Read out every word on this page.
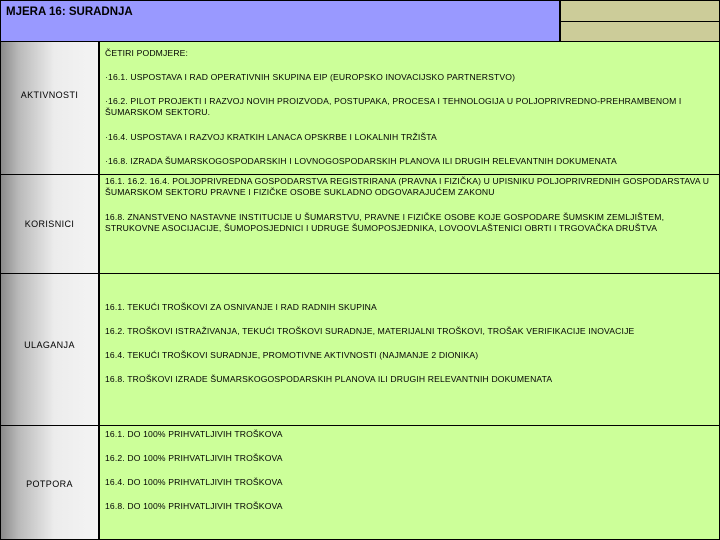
MJERA 16: SURADNJA
AKTIVNOSTI

ČETIRI PODMJERE:

·16.1. USPOSTAVA I RAD OPERATIVNIH SKUPINA EIP (EUROPSKO INOVACIJSKO PARTNERSTVO)

·16.2. PILOT PROJEKTI I RAZVOJ NOVIH PROIZVODA, POSTUPAKA, PROCESA I TEHNOLOGIJA U POLJOPRIVREDNO-PREHRAMBENOM I ŠUMARSKOM SEKTORU.

·16.4. USPOSTAVA I RAZVOJ KRATKIH LANACA OPSKRBE I LOKALNIH TRŽIŠTA

·16.8. IZRADA ŠUMARSKOGOSPODARSKIH I LOVNOGOSPODARSKIH PLANOVA ILI DRUGIH RELEVANTNIH DOKUMENATA

KORISNICI

16.1. 16.2. 16.4. POLJOPRIVREDNA GOSPODARSTVA REGISTRIRANA (PRAVNA I FIZIČKA) U UPISNIKU POLJOPRIVREDNIH GOSPODARSTAVA U ŠUMARSKOM SEKTORU PRAVNE I FIZIČKE OSOBE SUKLADNO ODGOVARAJUĆEM ZAKONU

16.8. ZNANSTVENO NASTAVNE INSTITUCIJE U ŠUMARSTVU, PRAVNE I FIZIČKE OSOBE KOJE GOSPODARE ŠUMSKIM ZEMLJIŠTEM, STRUKOVNE ASOCIJACIJE, ŠUMOPOSJEDNICI I UDRUGE ŠUMOPOSJEDNIKA, LOVOOVLAŠTENICI OBRTI I TRGOVAČKA DRUŠTVA

ULAGANJA

16.1. TEKUĆI TROŠKOVI ZA OSNIVANJE I RAD RADNIH SKUPINA

16.2. TROŠKOVI ISTRAŽIVANJA, TEKUĆI TROŠKOVI SURADNJE, MATERIJALNI TROŠKOVI, TROŠAK VERIFIKACIJE INOVACIJE

16.4. TEKUĆI TROŠKOVI SURADNJE, PROMOTIVNE AKTIVNOSTI (NAJMANJE 2 DIONIKA)

16.8. TROŠKOVI IZRADE ŠUMARSKOGOSPODARSKIH PLANOVA ILI DRUGIH RELEVANTNIH DOKUMENATA

POTPORA

16.1. DO 100% PRIHVATLJIVIH TROŠKOVA

16.2. DO 100% PRIHVATLJIVIH TROŠKOVA

16.4. DO 100% PRIHVATLJIVIH TROŠKOVA

16.8. DO 100% PRIHVATLJIVIH TROŠKOVA
